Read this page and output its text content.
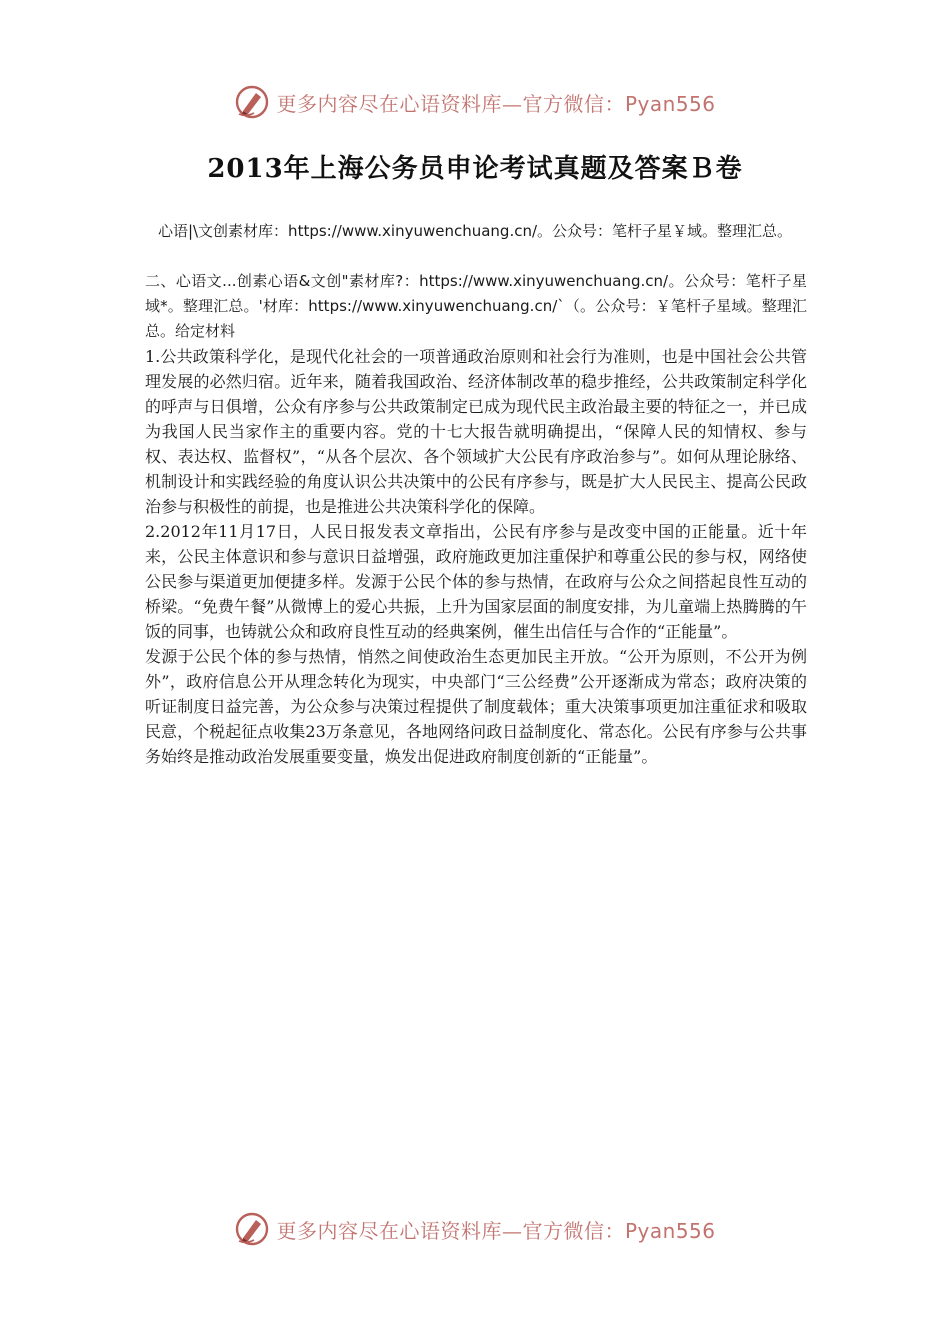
更多内容尽在心语资料库—官方微信：Pyan556
2013年上海公务员申论考试真题及答案Ｂ卷

心语|\文创素材库：https://www.xinyuwenchuang.cn/。公众号：笔杆子星￥域。整理汇总。

二、心语文...创素心语&文创"素材库?：https://www.xinyuwenchuang.cn/。公众号：笔杆子星域*。整理汇总。'材库：https://www.xinyuwenchuang.cn/`（。公众号：￥笔杆子星域。整理汇总。给定材料

1.公共政策科学化，是现代化社会的一项普通政治原则和社会行为准则，也是中国社会公共管理发展的必然归宿。近年来，随着我国政治、经济体制改革的稳步推经，公共政策制定科学化的呼声与日俱增，公众有序参与公共政策制定已成为现代民主政治最主要的特征之一，并已成为我国人民当家作主的重要内容。党的十七大报告就明确提出，“保障人民的知情权、参与权、表达权、监督权”，“从各个层次、各个领域扩大公民有序政治参与”。如何从理论脉络、机制设计和实践经验的角度认识公共决策中的公民有序参与，既是扩大人民民主、提高公民政治参与积极性的前提，也是推进公共决策科学化的保障。

2.2012年11月17日，人民日报发表文章指出，公民有序参与是改变中国的正能量。近十年来，公民主体意识和参与意识日益增强，政府施政更加注重保护和尊重公民的参与权，网络使公民参与渠道更加便捷多样。发源于公民个体的参与热情，在政府与公众之间搭起良性互动的桥梁。“免费午餐”从微博上的爱心共振，上升为国家层面的制度安排，为儿童端上热腾腾的午饭的同事，也铸就公众和政府良性互动的经典案例，催生出信任与合作的“正能量”。

发源于公民个体的参与热情，悄然之间使政治生态更加民主开放。“公开为原则，不公开为例外”，政府信息公开从理念转化为现实，中央部门“三公经费”公开逐渐成为常态；政府决策的听证制度日益完善，为公众参与决策过程提供了制度载体；重大决策事项更加注重征求和吸取民意，个税起征点收集23万条意见，各地网络问政日益制度化、常态化。公民有序参与公共事务始终是推动政治发展重要变量，焕发出促进政府制度创新的“正能量”。

更多内容尽在心语资料库—官方微信：Pyan556
